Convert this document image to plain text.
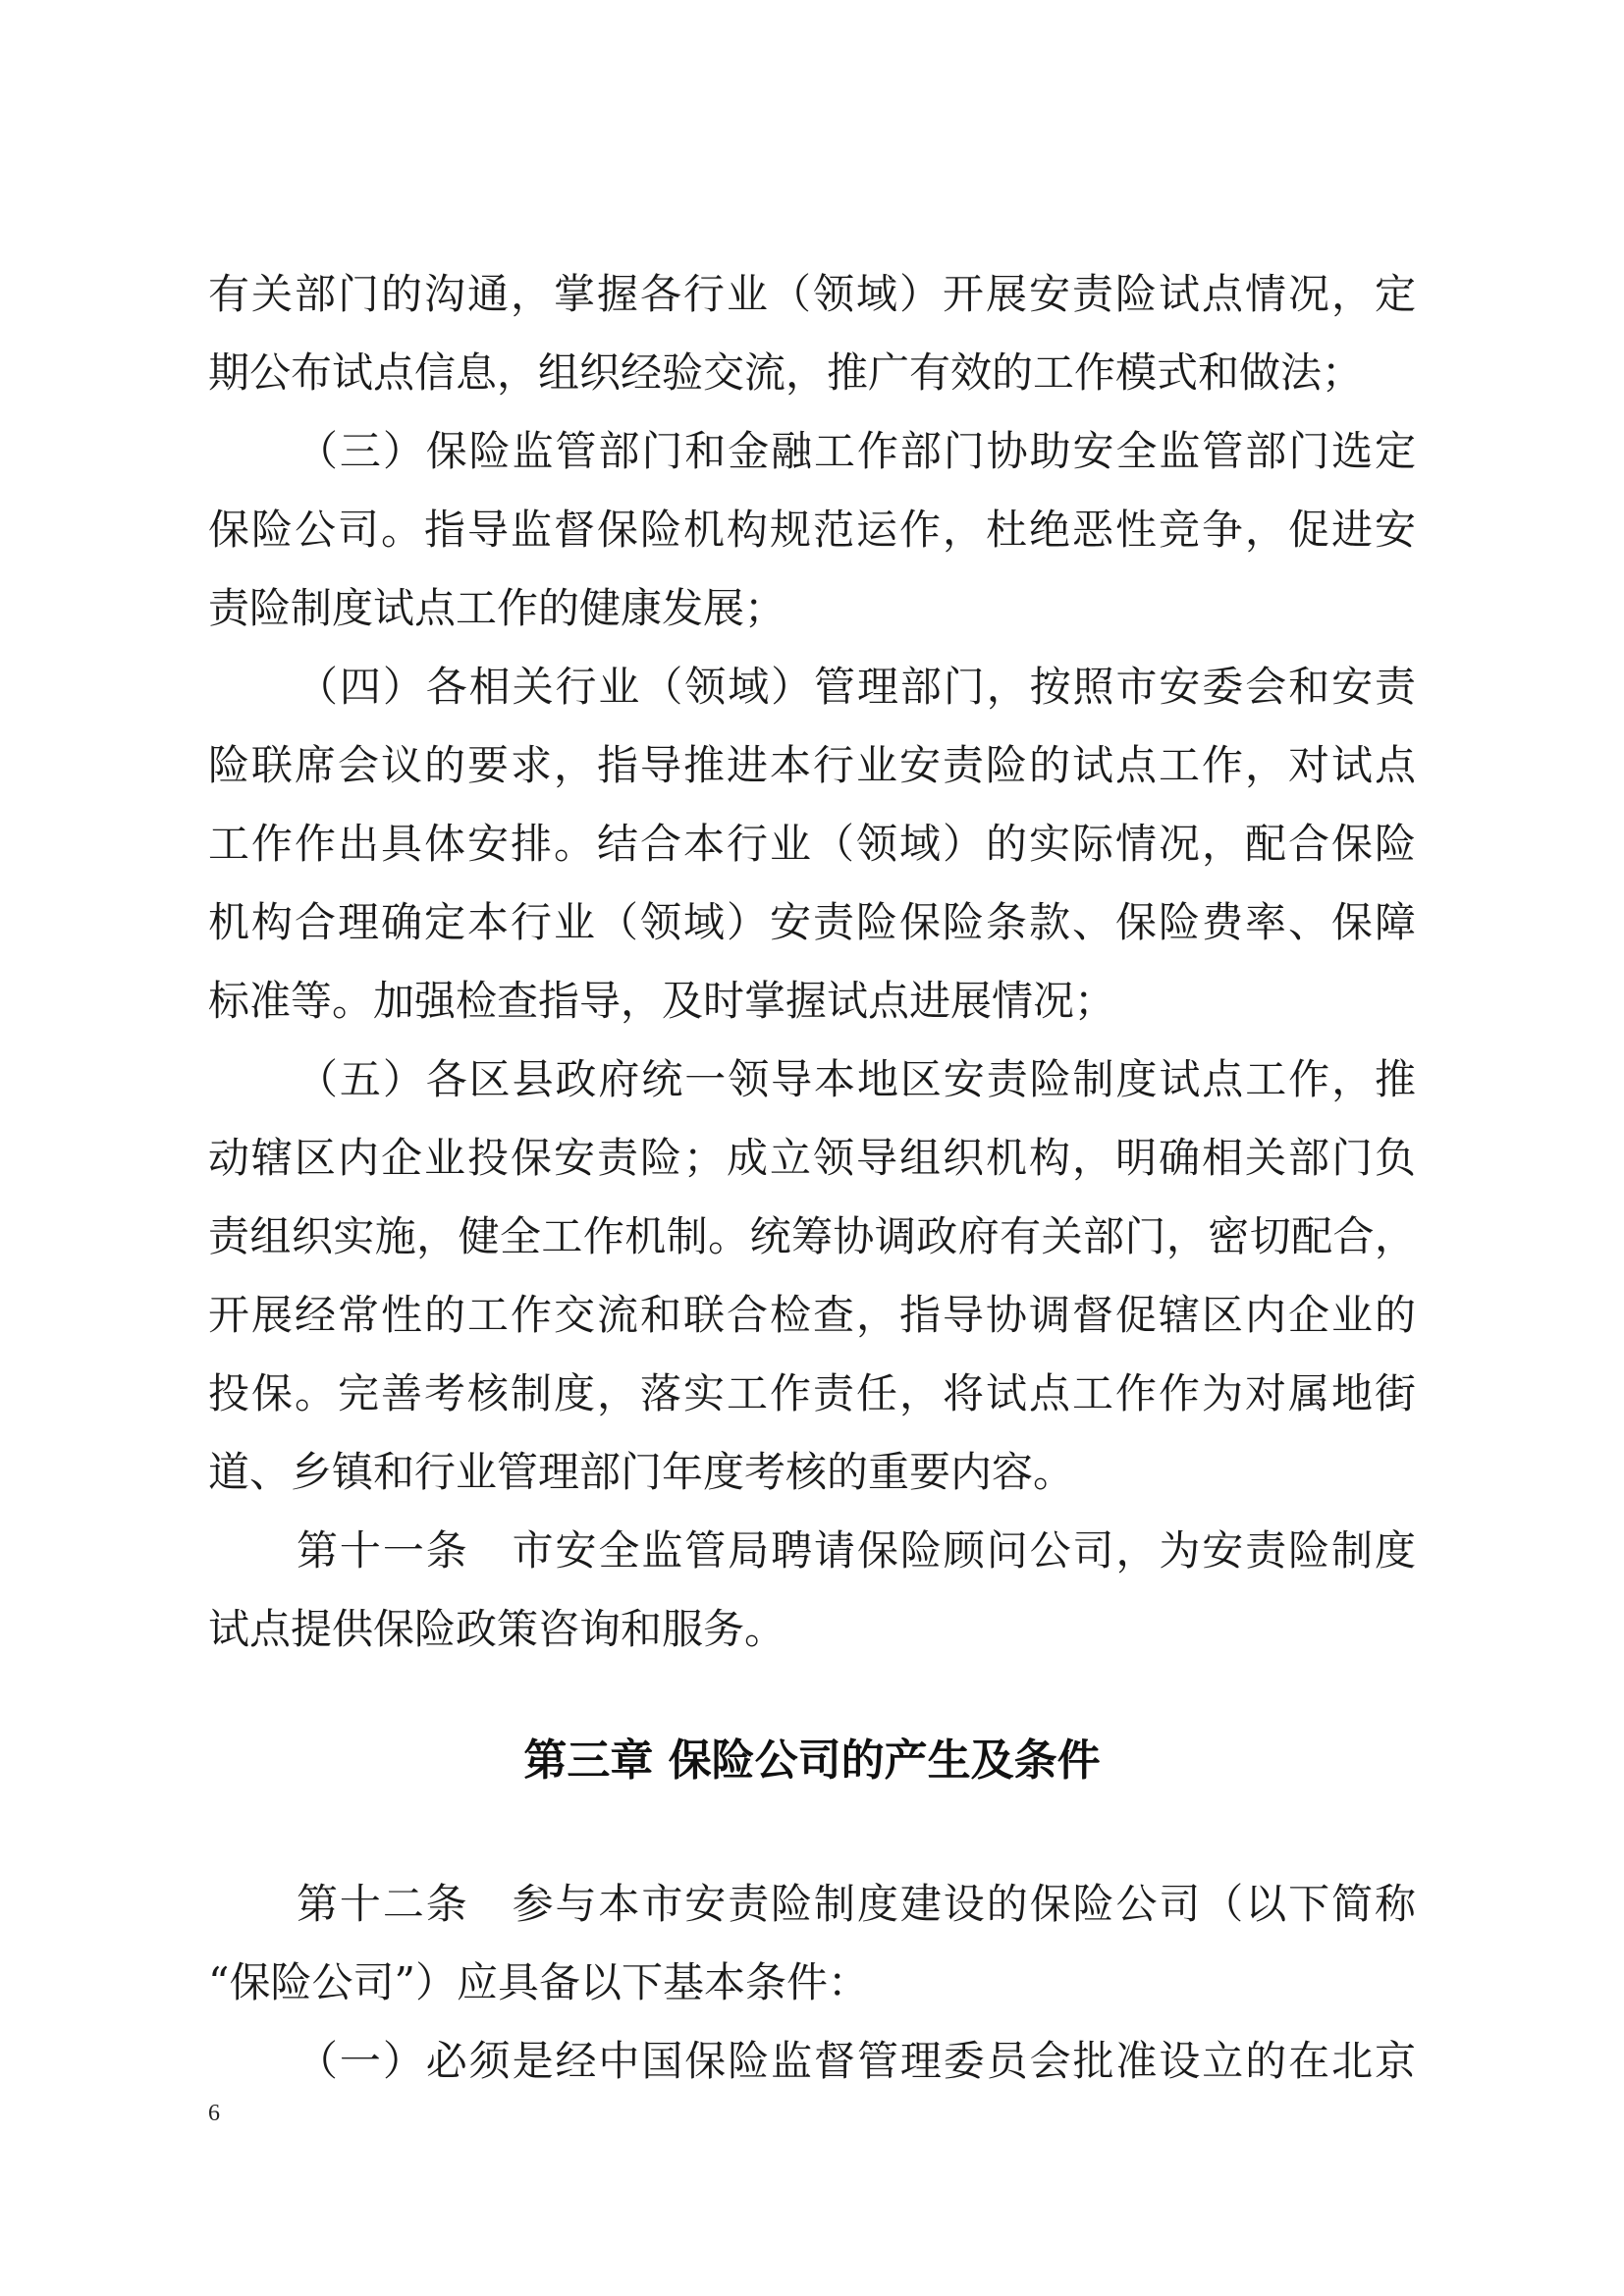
有关部门的沟通，掌握各行业（领域）开展安责险试点情况，定
期公布试点信息，组织经验交流，推广有效的工作模式和做法；
（三）保险监管部门和金融工作部门协助安全监管部门选定
保险公司。指导监督保险机构规范运作，杜绝恶性竞争，促进安
责险制度试点工作的健康发展；
（四）各相关行业（领域）管理部门，按照市安委会和安责
险联席会议的要求，指导推进本行业安责险的试点工作，对试点
工作作出具体安排。结合本行业（领域）的实际情况，配合保险
机构合理确定本行业（领域）安责险保险条款、保险费率、保障
标准等。加强检查指导，及时掌握试点进展情况；
（五）各区县政府统一领导本地区安责险制度试点工作，推
动辖区内企业投保安责险；成立领导组织机构，明确相关部门负
责组织实施，健全工作机制。统筹协调政府有关部门，密切配合，
开展经常性的工作交流和联合检查，指导协调督促辖区内企业的
投保。完善考核制度，落实工作责任，将试点工作作为对属地街
道、乡镇和行业管理部门年度考核的重要内容。
第十一条　市安全监管局聘请保险顾问公司，为安责险制度
试点提供保险政策咨询和服务。
第三章 保险公司的产生及条件
第十二条　参与本市安责险制度建设的保险公司（以下简称
“保险公司”）应具备以下基本条件：
（一）必须是经中国保险监督管理委员会批准设立的在北京
6
